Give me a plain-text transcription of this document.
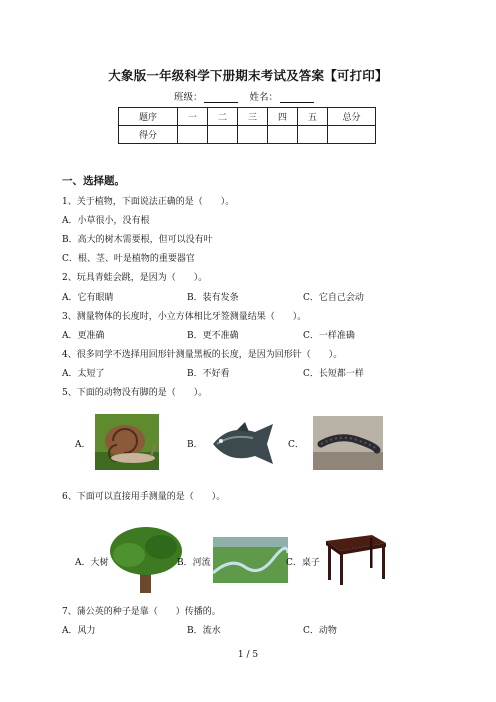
大象版一年级科学下册期末考试及答案【可打印】
班级：	姓名：
题序	一	二	三	四	五	总分
得分						
一、选择题。
1、关于植物，下面说法正确的是（　　）。
A．小草很小，没有根
B．高大的树木需要根，但可以没有叶
C．根、茎、叶是植物的重要器官
2、玩具青蛙会跳，是因为（　　）。
A．它有眼睛	B．装有发条	C．它自己会动
3、测量物体的长度时，小立方体相比牙签测量结果（　　）。
A．更准确	B．更不准确	C．一样准确
4、很多同学不选择用回形针测量黑板的长度，是因为回形针（　　）。
A．太短了	B．不好看	C．长短都一样
5、下面的动物没有脚的是（　　）。
A．	B．	C．
6、下面可以直接用手测量的是（　　）。
A．大树	B．河流	C．桌子
7、蒲公英的种子是靠（　　）传播的。
A．风力	B．流水	C．动物
1 / 5
